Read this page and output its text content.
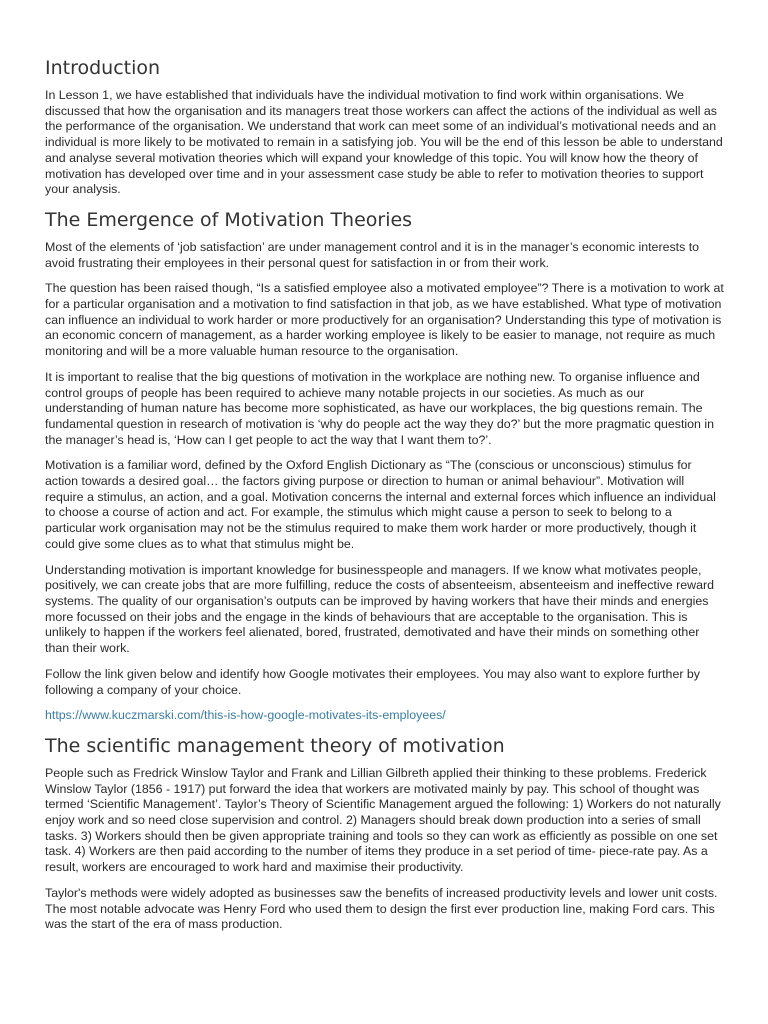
Introduction

In Lesson 1, we have established that individuals have the individual motivation to find work within organisations. We discussed that how the organisation and its managers treat those workers can affect the actions of the individual as well as the performance of the organisation. We understand that work can meet some of an individual’s motivational needs and an individual is more likely to be motivated to remain in a satisfying job. You will be the end of this lesson be able to understand and analyse several motivation theories which will expand your knowledge of this topic. You will know how the theory of motivation has developed over time and in your assessment case study be able to refer to motivation theories to support your analysis.

The Emergence of Motivation Theories

Most of the elements of ‘job satisfaction’ are under management control and it is in the manager’s economic interests to avoid frustrating their employees in their personal quest for satisfaction in or from their work.

The question has been raised though, “Is a satisfied employee also a motivated employee”? There is a motivation to work at for a particular organisation and a motivation to find satisfaction in that job, as we have established. What type of motivation can influence an individual to work harder or more productively for an organisation? Understanding this type of motivation is an economic concern of management, as a harder working employee is likely to be easier to manage, not require as much monitoring and will be a more valuable human resource to the organisation.

It is important to realise that the big questions of motivation in the workplace are nothing new. To organise influence and control groups of people has been required to achieve many notable projects in our societies. As much as our understanding of human nature has become more sophisticated, as have our workplaces, the big questions remain. The fundamental question in research of motivation is ‘why do people act the way they do?’ but the more pragmatic question in the manager’s head is, ‘How can I get people to act the way that I want them to?’.

Motivation is a familiar word, defined by the Oxford English Dictionary as “The (conscious or unconscious) stimulus for action towards a desired goal… the factors giving purpose or direction to human or animal behaviour”. Motivation will require a stimulus, an action, and a goal. Motivation concerns the internal and external forces which influence an individual to choose a course of action and act. For example, the stimulus which might cause a person to seek to belong to a particular work organisation may not be the stimulus required to make them work harder or more productively, though it could give some clues as to what that stimulus might be.

Understanding motivation is important knowledge for businesspeople and managers. If we know what motivates people, positively, we can create jobs that are more fulfilling, reduce the costs of absenteeism, absenteeism and ineffective reward systems. The quality of our organisation’s outputs can be improved by having workers that have their minds and energies more focussed on their jobs and the engage in the kinds of behaviours that are acceptable to the organisation. This is unlikely to happen if the workers feel alienated, bored, frustrated, demotivated and have their minds on something other than their work.

Follow the link given below and identify how Google motivates their employees. You may also want to explore further by following a company of your choice.

https://www.kuczmarski.com/this-is-how-google-motivates-its-employees/
The scientific management theory of motivation

People such as Fredrick Winslow Taylor and Frank and Lillian Gilbreth applied their thinking to these problems. Frederick Winslow Taylor (1856 - 1917) put forward the idea that workers are motivated mainly by pay. This school of thought was termed ‘Scientific Management’. Taylor’s Theory of Scientific Management argued the following: 1) Workers do not naturally enjoy work and so need close supervision and control. 2) Managers should break down production into a series of small tasks. 3) Workers should then be given appropriate training and tools so they can work as efficiently as possible on one set task. 4) Workers are then paid according to the number of items they produce in a set period of time- piece-rate pay. As a result, workers are encouraged to work hard and maximise their productivity.

Taylor's methods were widely adopted as businesses saw the benefits of increased productivity levels and lower unit costs. The most notable advocate was Henry Ford who used them to design the first ever production line, making Ford cars. This was the start of the era of mass production.
